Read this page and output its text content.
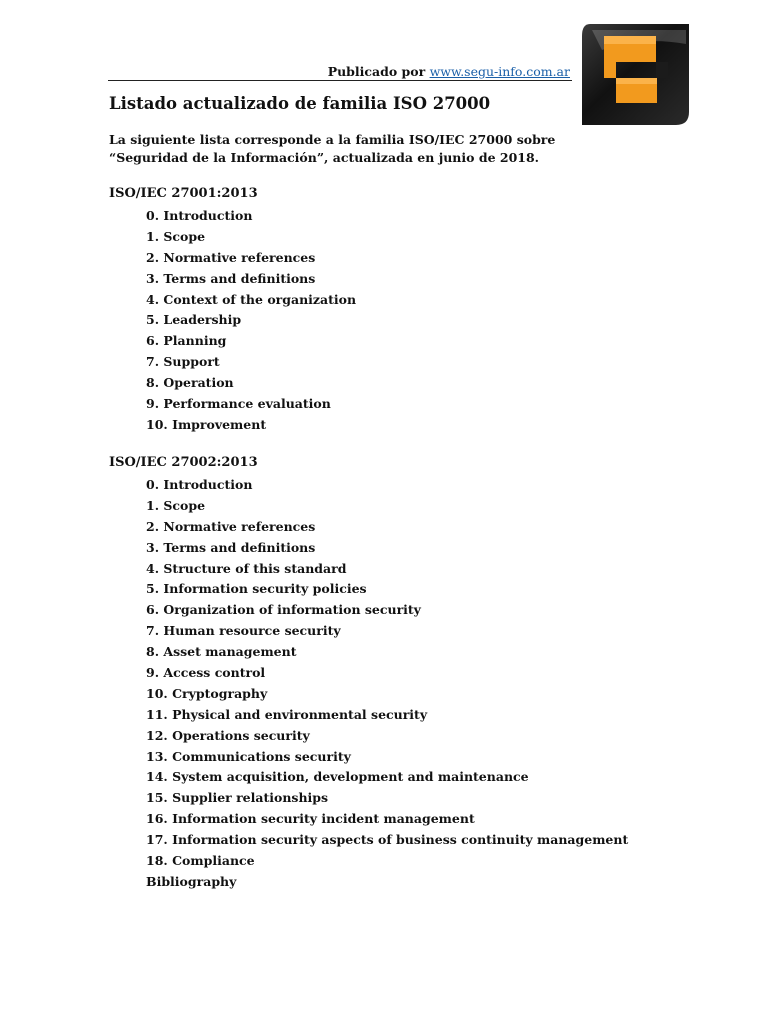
Publicado por www.segu-info.com.ar
Listado actualizado de familia ISO 27000

La siguiente lista corresponde a la familia ISO/IEC 27000 sobre “Seguridad de la Información”, actualizada en junio de 2018.

ISO/IEC 27001:2013
0. Introduction
1. Scope
2. Normative references
3. Terms and definitions
4. Context of the organization
5. Leadership
6. Planning
7. Support
8. Operation
9. Performance evaluation
10. Improvement
ISO/IEC 27002:2013
0. Introduction
1. Scope
2. Normative references
3. Terms and definitions
4. Structure of this standard
5. Information security policies
6. Organization of information security
7. Human resource security
8. Asset management
9. Access control
10. Cryptography
11. Physical and environmental security
12. Operations security
13. Communications security
14. System acquisition, development and maintenance
15. Supplier relationships
16. Information security incident management
17. Information security aspects of business continuity management
18. Compliance
Bibliography
